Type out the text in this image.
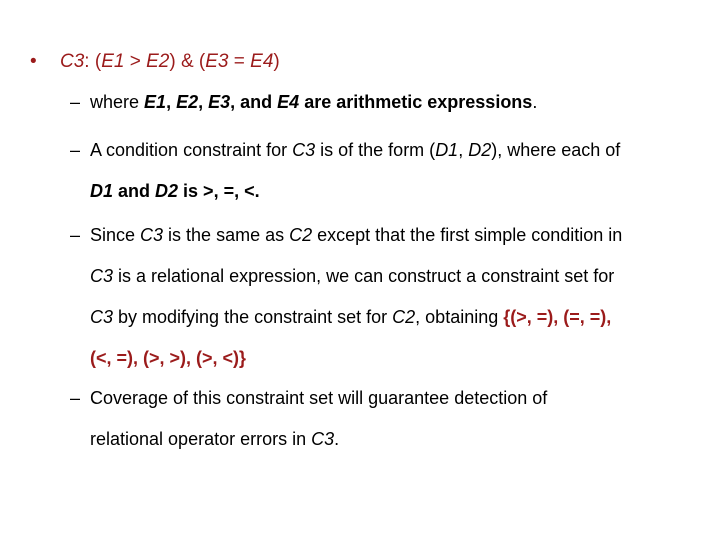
• C3: (E1 > E2) & (E3 = E4)
– where E1, E2, E3, and E4 are arithmetic expressions.
– A condition constraint for C3 is of the form (D1, D2), where each of
D1 and D2 is >, =, <.
– Since C3 is the same as C2 except that the first simple condition in
C3 is a relational expression, we can construct a constraint set for
C3 by modifying the constraint set for C2, obtaining {(>, =), (=, =),
(<, =), (>, >), (>, <)}
– Coverage of this constraint set will guarantee detection of
relational operator errors in C3.
